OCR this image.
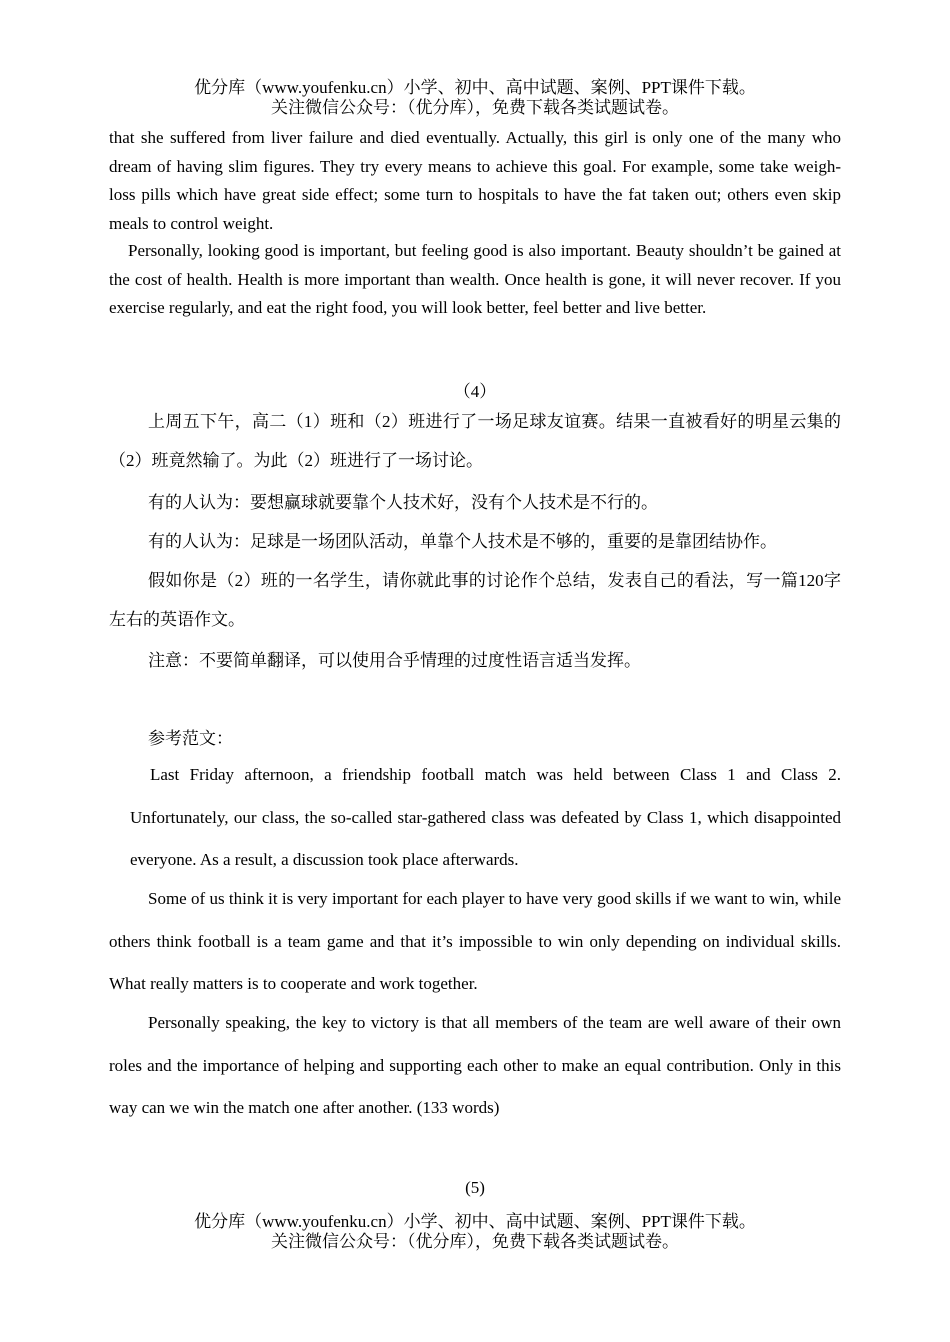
优分库（www.youfenku.cn）小学、初中、高中试题、案例、PPT课件下载。
关注微信公众号：（优分库），免费下载各类试题试卷。

that she suffered from liver failure and died eventually. Actually, this girl is only one of the many who dream of having slim figures. They try every means to achieve this goal. For example, some take weigh-loss pills which have great side effect; some turn to hospitals to have the fat taken out; others even skip meals to control weight.

Personally, looking good is important, but feeling good is also important. Beauty shouldn’t be gained at the cost of health. Health is more important than wealth. Once health is gone, it will never recover. If you exercise regularly, and eat the right food, you will look better, feel better and live better.

（4）

上周五下午，高二（1）班和（2）班进行了一场足球友谊赛。结果一直被看好的明星云集的（2）班竟然输了。为此（2）班进行了一场讨论。

有的人认为：要想赢球就要靠个人技术好，没有个人技术是不行的。

有的人认为：足球是一场团队活动，单靠个人技术是不够的，重要的是靠团结协作。

假如你是（2）班的一名学生，请你就此事的讨论作个总结，发表自己的看法，写一篇120字左右的英语作文。

注意：不要简单翻译，可以使用合乎情理的过度性语言适当发挥。

参考范文：

Last Friday afternoon, a friendship football match was held between Class 1 and Class 2. Unfortunately, our class, the so-called star-gathered class was defeated by Class 1, which disappointed everyone. As a result, a discussion took place afterwards.

Some of us think it is very important for each player to have very good skills if we want to win, while others think football is a team game and that it’s impossible to win only depending on individual skills. What really matters is to cooperate and work together.

Personally speaking, the key to victory is that all members of the team are well aware of their own roles and the importance of helping and supporting each other to make an equal contribution. Only in this way can we win the match one after another. (133 words)

(5)
优分库（www.youfenku.cn）小学、初中、高中试题、案例、PPT课件下载。
关注微信公众号：（优分库），免费下载各类试题试卷。
